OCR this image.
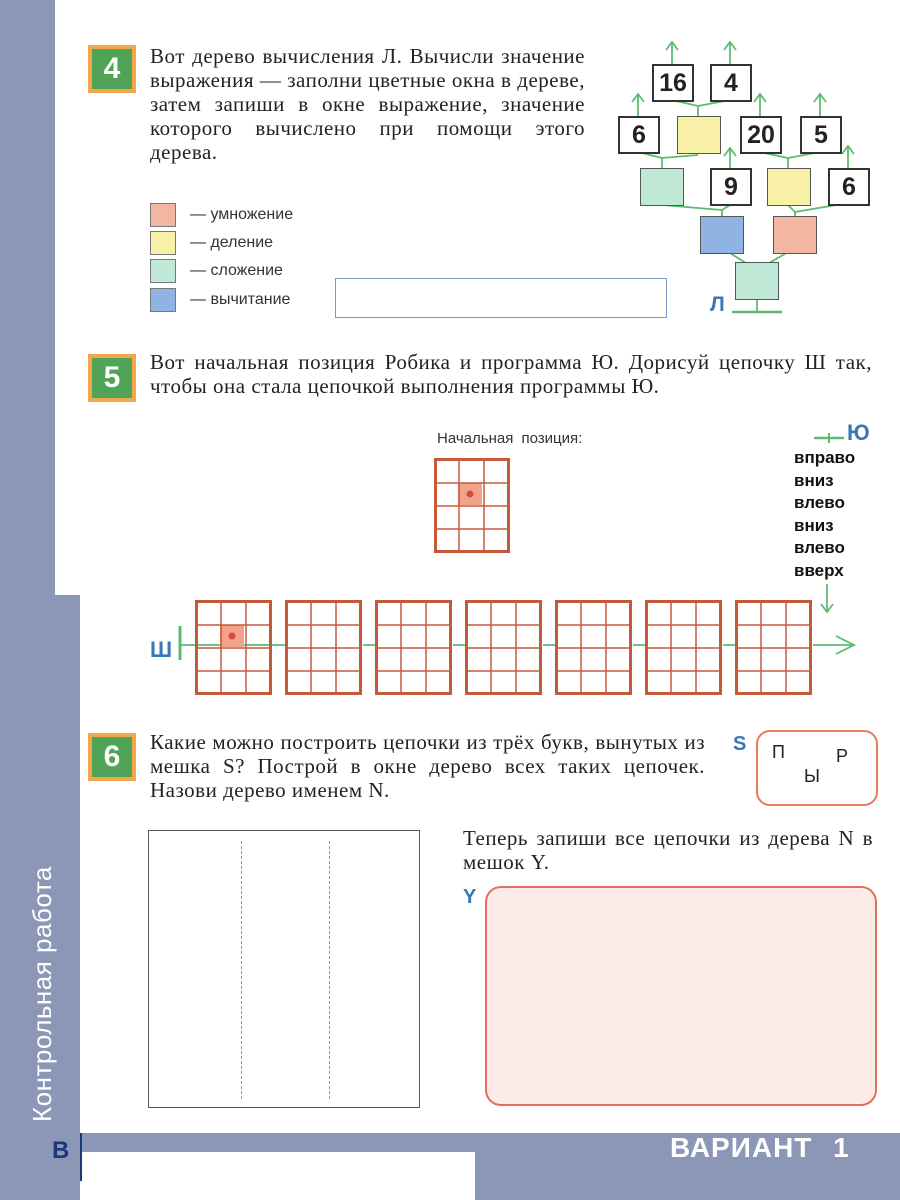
4	Вот дерево вычисления Л. Вычисли значение выражения — заполни цветные окна в дереве, затем запиши в окне выражение, значение которого вычислено при помощи этого дерева.

— умножение
— деление
— сложение
— вычитание
16	4
6	20	5
9	6
Л
5	Вот начальная позиция Робика и программа Ю. Дорисуй цепочку Ш так, чтобы она стала цепочкой выполнения программы Ю.

Начальная позиция:	Ю
вправо
вниз
влево
вниз
влево
вверх
Ш
6	Какие можно построить цепочки из трёх букв, вынутых из мешка S? Построй в окне дерево всех таких цепочек. Назови дерево именем N.

S П	Р
Ы

Теперь запиши все цепочки из дерева N в мешок Y.

Y
Контрольная работа
В	ВАРИАНТ 1
